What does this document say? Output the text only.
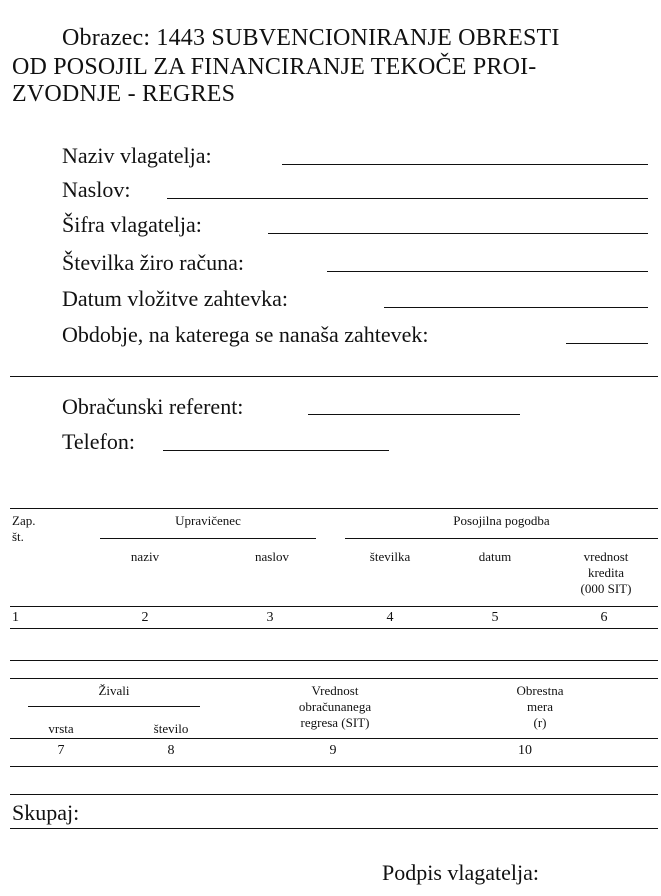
Obrazec: 1443 SUBVENCIONIRANJE OBRESTI
OD POSOJIL ZA FINANCIRANJE TEKOČE PROI-
ZVODNJE - REGRES
Naziv vlagatelja:
Naslov:
Šifra vlagatelja:
Številka žiro računa:
Datum vložitve zahtevka:
Obdobje, na katerega se nanaša zahtevek:
Obračunski referent:
Telefon:
Zap.
št.
Upravičenec	Posojilna pogodba
naziv	naslov	številka	datum	vrednost
kredita
(000 SIT)
1	2	3	4	5	6
Živali
vrsta	število
Vrednost
obračunanega
regresa (SIT)
Obrestna
mera
(r)
7	8	9	10
Skupaj:
Podpis vlagatelja:
